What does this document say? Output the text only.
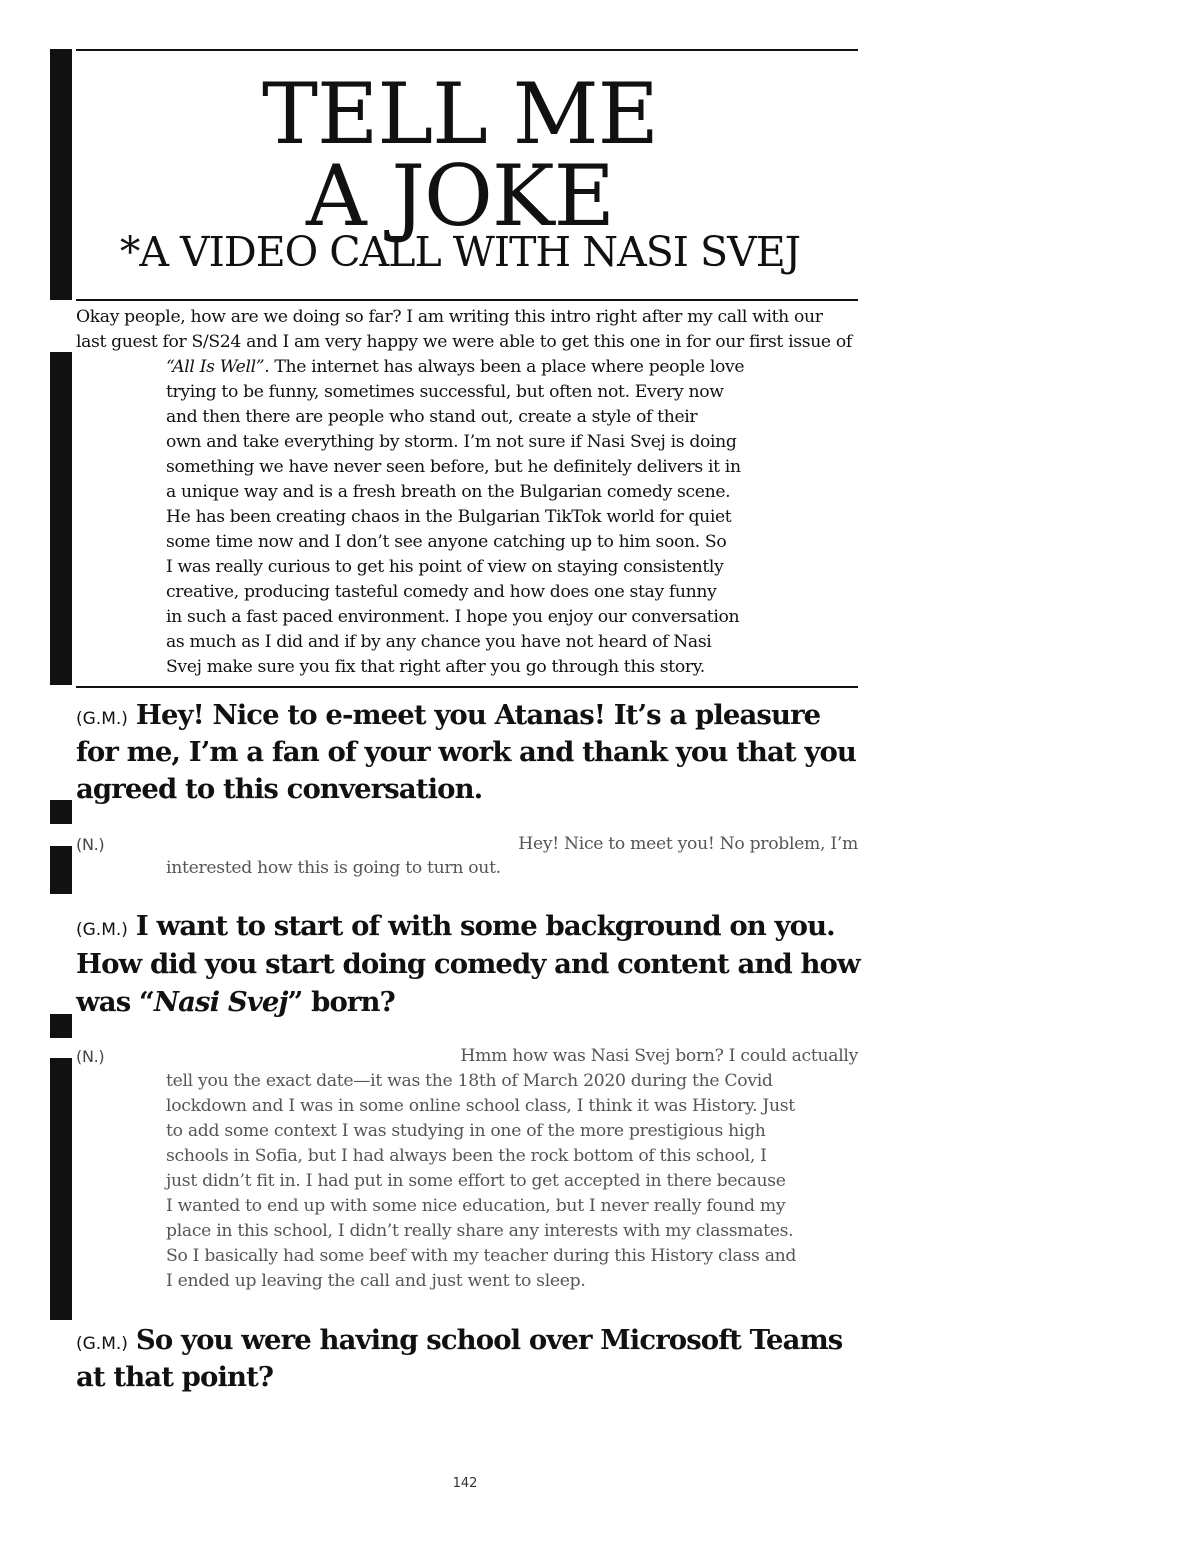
TELL ME
A JOKE
*A VIDEO CALL WITH NASI SVEJ

Okay people, how are we doing so far? I am writing this intro right after my call with our

last guest for S/S24 and I am very happy we were able to get this one in for our first issue of

“All Is Well”. The internet has always been a place where people love

trying to be funny, sometimes successful, but often not. Every now

and then there are people who stand out, create a style of their

own and take everything by storm. I’m not sure if Nasi Svej is doing

something we have never seen before, but he definitely delivers it in

a unique way and is a fresh breath on the Bulgarian comedy scene.

He has been creating chaos in the Bulgarian TikTok world for quiet

some time now and I don’t see anyone catching up to him soon. So

I was really curious to get his point of view on staying consistently

creative, producing tasteful comedy and how does one stay funny

in such a fast paced environment. I hope you enjoy our conversation

as much as I did and if by any chance you have not heard of Nasi

Svej make sure you fix that right after you go through this story.

(G.M.) Hey! Nice to e-meet you Atanas! It’s a pleasure

for me, I’m a fan of your work and thank you that you

agreed to this conversation.

(N.)	Hey! Nice to meet you! No problem, I’m

interested how this is going to turn out.

(G.M.) I want to start of with some background on you.

How did you start doing comedy and content and how

was “Nasi Svej” born?

(N.)	Hmm how was Nasi Svej born? I could actually

tell you the exact date—it was the 18th of March 2020 during the Covid

lockdown and I was in some online school class, I think it was History. Just

to add some context I was studying in one of the more prestigious high

schools in Sofia, but I had always been the rock bottom of this school, I

just didn’t fit in. I had put in some effort to get accepted in there because

I wanted to end up with some nice education, but I never really found my

place in this school, I didn’t really share any interests with my classmates.

So I basically had some beef with my teacher during this History class and

I ended up leaving the call and just went to sleep.

(G.M.) So you were having school over Microsoft Teams

at that point?

142
